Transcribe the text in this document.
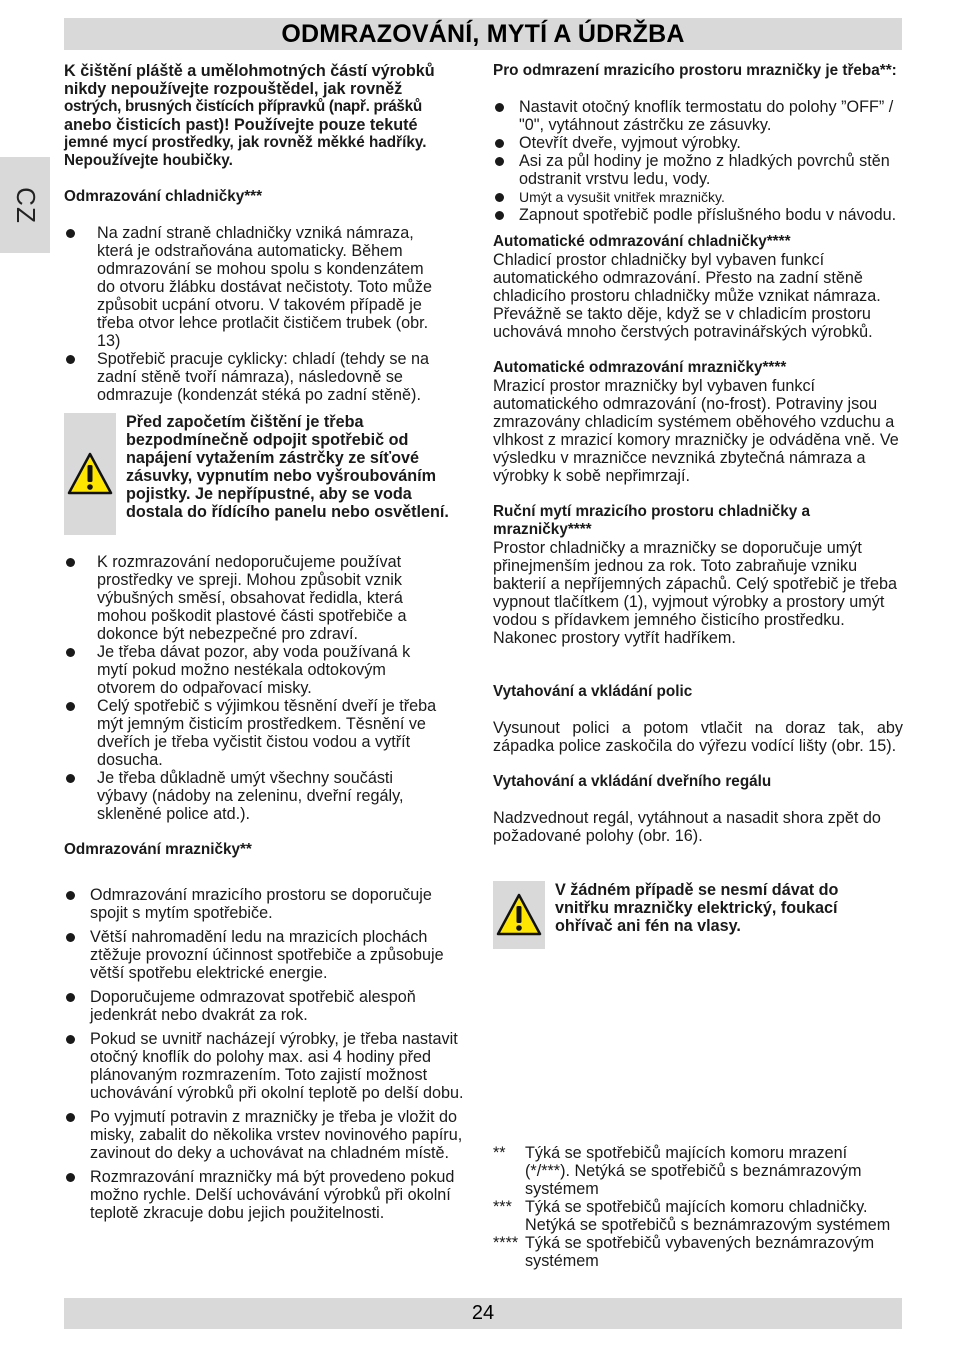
ODMRAZOVÁNÍ, MYTÍ A ÚDRŽBA
CZ

K čištění pláště a umělohmotných částí výrobků

nikdy nepoužívejte rozpouštědel, jak rovněž

ostrých, brusných čistících přípravků (např. prášků

anebo čisticích past)! Používejte pouze tekuté

jemné mycí prostředky, jak rovněž měkké hadříky.

Nepoužívejte houbičky.

Odmrazování chladničky***

Na zadní straně chladničky vzniká námraza, která je odstraňována automaticky. Během odmrazování se mohou spolu s kondenzátem do otvoru žlábku dostávat nečistoty. Toto může způsobit ucpání otvoru. V takovém případě je třeba otvor lehce protlačit čističem trubek (obr. 13)
Spotřebič pracuje cyklicky: chladí (tehdy se na zadní stěně tvoří námraza), následovně se odmrazuje (kondenzát stéká po zadní stěně).
Před započetím čištění je třeba bezpodmínečně odpojit spotřebič od napájení vytažením zástrčky ze síťové zásuvky, vypnutím nebo vyšroubováním pojistky. Je nepřípustné, aby se voda dostala do řídícího panelu nebo osvětlení.
K rozmrazování nedoporučujeme používat prostředky ve spreji. Mohou způsobit vznik výbušných směsí, obsahovat ředidla, která mohou poškodit plastové části spotřebiče a dokonce být nebezpečné pro zdraví.
Je třeba dávat pozor, aby voda používaná k mytí pokud možno nestékala odtokovým otvorem do odpařovací misky.
Celý spotřebič s výjimkou těsnění dveří je třeba mýt jemným čisticím prostředkem. Těsnění ve dveřích je třeba vyčistit čistou vodou a vytřít dosucha.
Je třeba důkladně umýt všechny součásti výbavy (nádoby na zeleninu, dveřní regály, skleněné police atd.).

Odmrazování mrazničky**

Odmrazování mrazicího prostoru se doporučuje spojit s mytím spotřebiče.
Větší nahromadění ledu na mrazicích plochách ztěžuje provozní účinnost spotřebiče a způsobuje větší spotřebu elektrické energie.
Doporučujeme odmrazovat spotřebič alespoň jedenkrát nebo dvakrát za rok.
Pokud se uvnitř nacházejí výrobky, je třeba nastavit otočný knoflík do polohy max. asi 4 hodiny před plánovaným rozmrazením. Toto zajistí možnost uchovávání výrobků při okolní teplotě po delší dobu.
Po vyjmutí potravin z mrazničky je třeba je vložit do misky, zabalit do několika vrstev novinového papíru, zavinout do deky a uchovávat na chladném místě.
Rozmrazování mrazničky má být provedeno pokud možno rychle. Delší uchovávání výrobků při okolní teplotě zkracuje dobu jejich použitelnosti.

Pro odmrazení mrazicího prostoru mrazničky je třeba**:

Nastavit otočný knoflík termostatu do polohy ”OFF” / "0", vytáhnout zástrčku ze zásuvky.
Otevřít dveře, vyjmout výrobky.
Asi za půl hodiny je možno z hladkých povrchů stěn odstranit vrstvu ledu, vody.
Umýt a vysušit vnitřek mrazničky.
Zapnout spotřebič podle příslušného bodu v návodu.

Automatické odmrazování chladničky****

Chladicí prostor chladničky byl vybaven funkcí automatického odmrazování. Přesto na zadní stěně chladicího prostoru chladničky může vznikat námraza. Převážně se takto děje, když se v chladicím prostoru uchovává mnoho čerstvých potravinářských výrobků.

Automatické odmrazování mrazničky****

Mrazicí prostor mrazničky byl vybaven funkcí automatického odmrazování (no-frost). Potraviny jsou zmrazovány chladicím systémem oběhového vzduchu a vlhkost z mrazicí komory mrazničky je odváděna vně. Ve výsledku v mrazničce nevzniká zbytečná námraza a výrobky k sobě nepřimrzají.

Ruční mytí mrazicího prostoru chladničky a mrazničky****

Prostor chladničky a mrazničky se doporučuje umýt přinejmenším jednou za rok. Toto zabraňuje vzniku bakterií a nepříjemných zápachů. Celý spotřebič je třeba vypnout tlačítkem (1), vyjmout výrobky a prostory umýt vodou s přídavkem jemného čisticího prostředku. Nakonec prostory vytřít hadříkem.

Vytahování a vkládání polic

Vysunout polici a potom vtlačit na doraz tak, aby západka police zaskočila do výřezu vodící lišty (obr. 15).

Vytahování a vkládání dveřního regálu

Nadzvednout regál, vytáhnout a nasadit shora zpět do požadované polohy (obr. 16).

V žádném případě se nesmí dávat do vnitřku mrazničky elektrický, foukací ohřívač ani fén na vlasy.
**	Týká se spotřebičů majících komoru mrazení (*/***). Netýká se spotřebičů s beznámrazovým systémem
*** Týká se spotřebičů majících komoru chladničky. Netýká se spotřebičů s beznámrazovým systémem
**** Týká se spotřebičů vybavených beznámrazovým systémem
24
